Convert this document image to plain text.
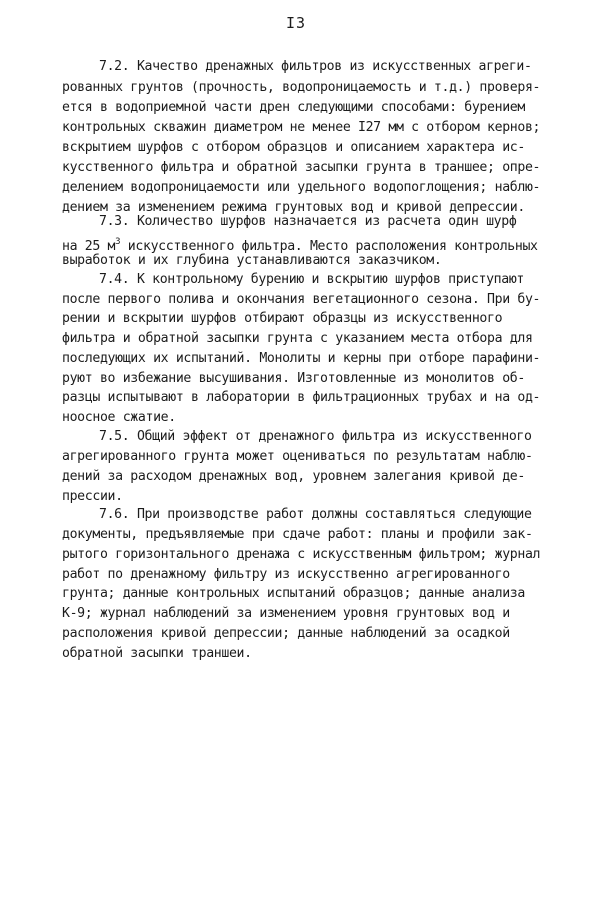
I3
7.2. Качество дренажных фильтров из искусственных агреги-
рованных грунтов (прочность, водопроницаемость и т.д.) проверя-
ется в водоприемной части дрен следующими способами: бурением
контрольных скважин диаметром не менее I27 мм с отбором кернов;
вскрытием шурфов с отбором образцов и описанием характера ис-
кусственного фильтра и обратной засыпки грунта в траншее; опре-
делением водопроницаемости или удельного водопоглощения; наблю-
дением за изменением режима грунтовых вод и кривой депрессии.
7.3. Количество шурфов назначается из расчета один шурф
на 25 $м^3$ искусственного фильтра. Место расположения контрольных
выработок и их глубина устанавливаются заказчиком.
7.4. К контрольному бурению и вскрытию шурфов приступают
после первого полива и окончания вегетационного сезона. При бу-
рении и вскрытии шурфов отбирают образцы из искусственного
фильтра и обратной засыпки грунта с указанием места отбора для
последующих их испытаний. Монолиты и керны при отборе парафини-
руют во избежание высушивания. Изготовленные из монолитов об-
разцы испытывают в лаборатории в фильтрационных трубах и на од-
ноосное сжатие.
7.5. Общий эффект от дренажного фильтра из искусственного
агрегированного грунта может оцениваться по результатам наблю-
дений за расходом дренажных вод, уровнем залегания кривой де-
прессии.
7.6. При производстве работ должны составляться следующие
документы, предъявляемые при сдаче работ: планы и профили зак-
рытого горизонтального дренажа с искусственным фильтром; журнал
работ по дренажному фильтру из искусственно агрегированного
грунта; данные контрольных испытаний образцов; данные анализа
К-9; журнал наблюдений за изменением уровня грунтовых вод и
расположения кривой депрессии; данные наблюдений за осадкой
обратной засыпки траншеи.
